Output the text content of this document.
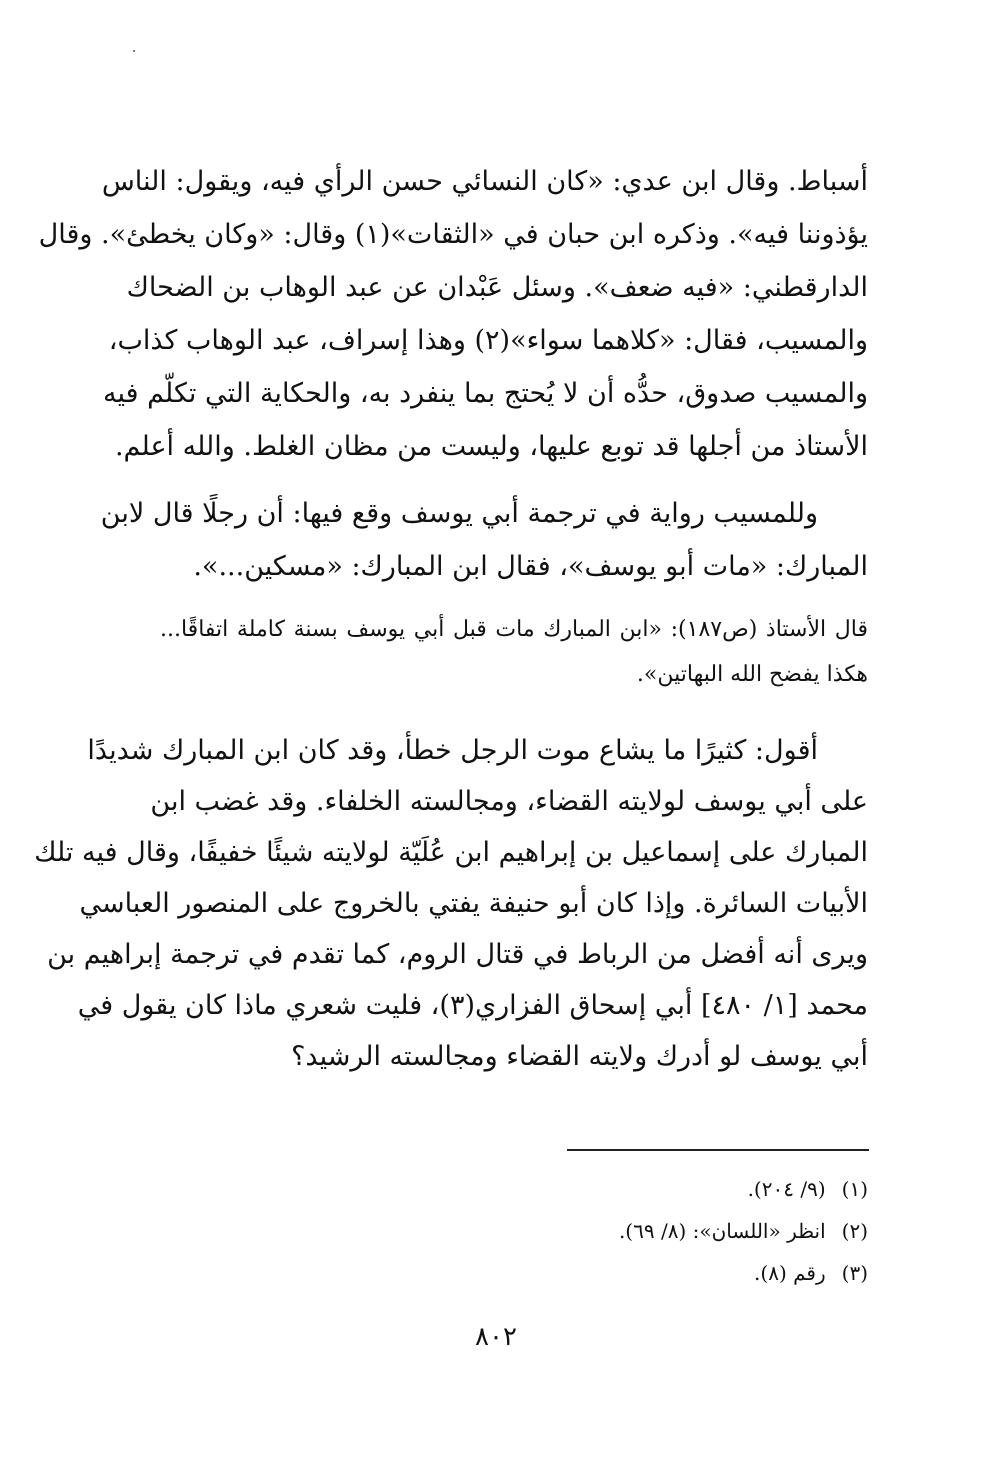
أسباط. وقال ابن عدي: «كان النسائي حسن الرأي فيه، ويقول: الناس
يؤذوننا فيه». وذكره ابن حبان في «الثقات»(١) وقال: «وكان يخطئ». وقال
الدارقطني: «فيه ضعف». وسئل عَبْدان عن عبد الوهاب بن الضحاك
والمسيب، فقال: «كلاهما سواء»(٢) وهذا إسراف، عبد الوهاب كذاب،
والمسيب صدوق، حدُّه أن لا يُحتج بما ينفرد به، والحكاية التي تكلّم فيه
الأستاذ من أجلها قد توبع عليها، وليست من مظان الغلط. والله أعلم.
وللمسيب رواية في ترجمة أبي يوسف وقع فيها: أن رجلًا قال لابن
المبارك: «مات أبو يوسف»، فقال ابن المبارك: «مسكين...».
قال الأستاذ (ص١٨٧): «ابن المبارك مات قبل أبي يوسف بسنة كاملة اتفاقًا...
هكذا يفضح الله البهاتين».
أقول: كثيرًا ما يشاع موت الرجل خطأ، وقد كان ابن المبارك شديدًا
على أبي يوسف لولايته القضاء، ومجالسته الخلفاء. وقد غضب ابن
المبارك على إسماعيل بن إبراهيم ابن عُلَيّة لولايته شيئًا خفيفًا، وقال فيه تلك
الأبيات السائرة. وإذا كان أبو حنيفة يفتي بالخروج على المنصور العباسي
ويرى أنه أفضل من الرباط في قتال الروم، كما تقدم في ترجمة إبراهيم بن
محمد [١/ ٤٨٠] أبي إسحاق الفزاري(٣)، فليت شعري ماذا كان يقول في
أبي يوسف لو أدرك ولايته القضاء ومجالسته الرشيد؟
(١) (٩/ ٢٠٤).
(٢) انظر «اللسان»: (٨/ ٦٩).
(٣) رقم (٨).
٨٠٢
